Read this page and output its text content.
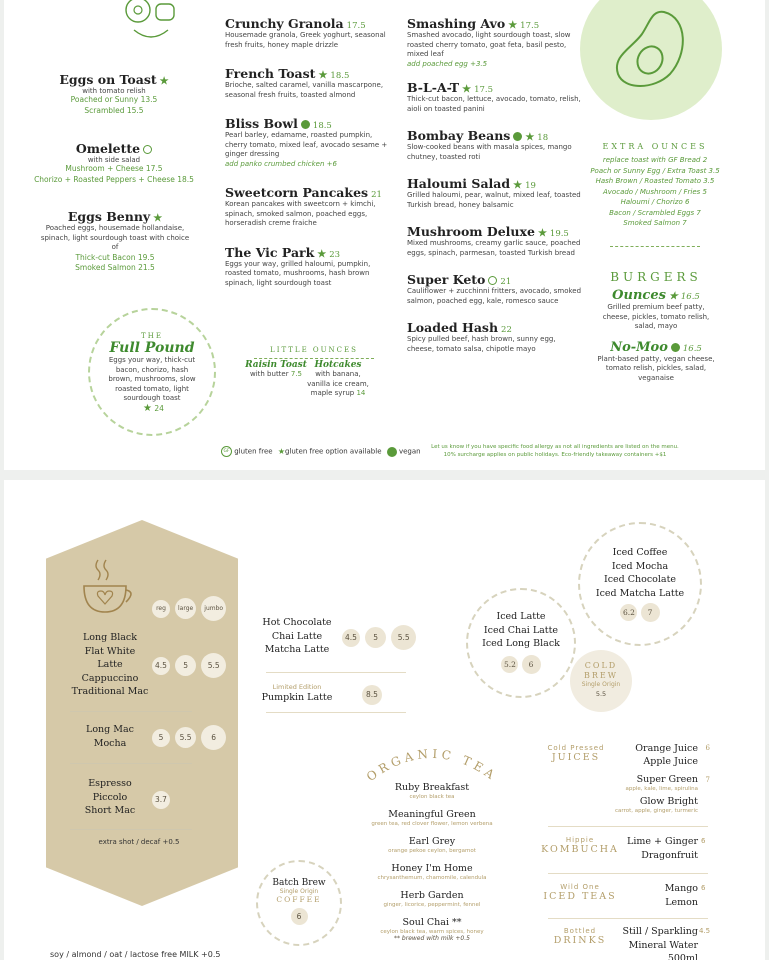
Eggs on Toast ★
with tomato relish
Poached or Sunny 13.5
Scrambled 15.5
Omelette
with side salad
Mushroom + Cheese 17.5
Chorizo + Roasted Peppers + Cheese 18.5
Eggs Benny ★
Poached eggs, housemade hollandaise, spinach, light sourdough toast with choice of
Thick-cut Bacon 19.5
Smoked Salmon 21.5
THE
Full Pound
Eggs your way, thick-cut bacon, chorizo, hash brown, mushrooms, slow roasted tomato, light sourdough toast
★ 24
Crunchy Granola 17.5
Housemade granola, Greek yoghurt, seasonal fresh fruits, honey maple drizzle
French Toast ★ 18.5
Brioche, salted caramel, vanilla mascarpone, seasonal fresh fruits, toasted almond
Bliss Bowl 18.5
Pearl barley, edamame, roasted pumpkin, cherry tomato, mixed leaf, avocado sesame + ginger dressing
add panko crumbed chicken +6
Sweetcorn Pancakes 21
Korean pancakes with sweetcorn + kimchi, spinach, smoked salmon, poached eggs, horseradish creme fraiche
The Vic Park ★ 23
Eggs your way, grilled haloumi, pumpkin, roasted tomato, mushrooms, hash brown spinach, light sourdough toast
LITTLE OUNCES
Raisin Toast
with butter 7.5
Hotcakes
with banana, vanilla ice cream, maple syrup 14
Smashing Avo ★ 17.5
Smashed avocado, light sourdough toast, slow roasted cherry tomato, goat feta, basil pesto, mixed leaf
add poached egg +3.5
B-L-A-T ★ 17.5
Thick-cut bacon, lettuce, avocado, tomato, relish, aioli on toasted panini
Bombay Beans ★ 18
Slow-cooked beans with masala spices, mango chutney, toasted roti
Haloumi Salad ★ 19
Grilled haloumi, pear, walnut, mixed leaf, toasted Turkish bread, honey balsamic
Mushroom Deluxe ★ 19.5
Mixed mushrooms, creamy garlic sauce, poached eggs, spinach, parmesan, toasted Turkish bread
Super Keto 21
Cauliflower + zucchinni fritters, avocado, smoked salmon, poached egg, kale, romesco sauce
Loaded Hash 22
Spicy pulled beef, hash brown, sunny egg, cheese, tomato salsa, chipotle mayo
EXTRA OUNCES
replace toast with GF Bread 2
Poach or Sunny Egg / Extra Toast 3.5
Hash Brown / Roasted Tomato 3.5
Avocado / Mushroom / Fries 5
Haloumi / Chorizo 6
Bacon / Scrambled Eggs 7
Smoked Salmon 7
BURGERS
Ounces ★ 16.5
Grilled premium beef patty, cheese, pickles, tomato relish, salad, mayo
No-Moo 16.5
Plant-based patty, vegan cheese, tomato relish, pickles, salad, veganaise
GF gluten free ★gluten free option available vegan
Let us know if you have specific food allergy as not all ingredients are listed on the menu.
10% surcharge applies on public holidays. Eco-friendly takeaway containers +$1
reg large jumbo
Long Black
Flat White
Latte
Cappuccino
Traditional Mac
4.5 5	5.5
Long Mac
Mocha
5 5.5	6
Espresso
Piccolo
Short Mac
3.7
extra shot / decaf +0.5
soy / almond / oat / lactose free MILK +0.5
Hot Chocolate
Chai Latte
Matcha Latte
4.5 5	5.5
Limited Edition
Pumpkin Latte	8.5
Iced Latte
Iced Chai Latte
Iced Long Black
5.2 6
Iced Coffee
Iced Mocha
Iced Chocolate
Iced Matcha Latte
6.2 7
COLD BREW
Single Origin
5.5
Batch Brew
Single Origin
COFFEE
6
ORGANIC TEA
Ruby Breakfast
ceylon black tea
Meaningful Green
green tea, red clover flower, lemon verbena
Earl Grey
orange pekoe ceylon, bergamot
Honey I'm Home
chrysanthemum, chamomile, calendula
Herb Garden
ginger, licorice, peppermint, fennel
Soul Chai **
ceylon black tea, warm spices, honey
** brewed with milk +0.5
Cold Pressed
JUICES
Orange Juice 6
Apple Juice
Super Green 7
apple, kale, lime, spirulina
Glow Bright
carrot, apple, ginger, turmeric
Hippie
KOMBUCHA
Lime + Ginger
Dragonfruit
6
Wild One
ICED TEAS
Mango
Lemon
6
Bottled
DRINKS
Still / Sparkling
Mineral Water 500ml
4.5
